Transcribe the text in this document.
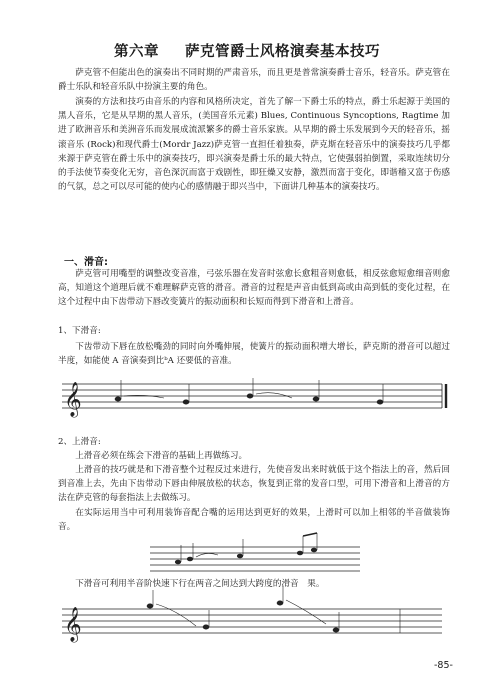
第六章 萨克管爵士风格演奏基本技巧

萨克管不但能出色的演奏出不同时期的严肃音乐，而且更是普常演奏爵士音乐，轻音乐。萨克管在爵士乐队和轻音乐队中扮演主要的角色。

演奏的方法和技巧由音乐的内容和风格所决定，首先了解一下爵士乐的特点，爵士乐起源于美国的黑人音乐，它是从早期的黑人音乐，(美国音乐元素) Blues, Continuous Syncoptions, Ragtime 加进了欧洲音乐和美洲音乐而发展成流派繁多的爵士音乐家族。从早期的爵士乐发展到今天的轻音乐，摇滚音乐 (Rock)和现代爵士(Mordr Jazz)萨克管一直担任着独奏，萨克斯在轻音乐中的演奏技巧几乎都来源于萨克管在爵士乐中的演奏技巧，即兴演奏是爵士乐的最大特点，它使强弱拍倒置，采取连续切分的手法使节奏变化无穷，音色深沉而富于戏剧性，即狂燥又安静，激烈而富于变化，即谐稽又富于伤感的气氛，总之可以尽可能的使内心的感情融于即兴当中，下面讲几种基本的演奏技巧。

一、滑音:

萨克管可用嘴型的调整改变音准，弓弦乐器在发音时弦愈长愈粗音则愈低，相反弦愈短愈细音则愈高，知道这个道理后就不难理解萨克管的滑音。滑音的过程是声音由低到高或由高到低的变化过程，在这个过程中由下齿带动下唇改变簧片的振动面积和长短而得到下滑音和上滑音。

1、下滑音:

下齿带动下唇在放松嘴劲的同时向外嘴伸展，使簧片的振动面积增大增长，萨克斯的滑音可以超过半度，如能使 A 音演奏到比ᵇA 还要低的音准。

2、上滑音:

上滑音必须在练会下滑音的基础上再做练习。

上滑音的技巧就是和下滑音整个过程反过来进行，先使音发出来时就低于这个指法上的音，然后回到音准上去，先由下齿带动下唇由伸展放松的状态，恢复到正常的发音口型，可用下滑音和上滑音的方法在萨克管的每套指法上去做练习。

在实际运用当中可利用装饰音配合嘴的运用达到更好的效果，上滑时可以加上相邻的半音做装饰音。

下滑音可利用半音阶快速下行在两音之间达到大跨度的滑音　果。

𝄞
𝄞
-85-
